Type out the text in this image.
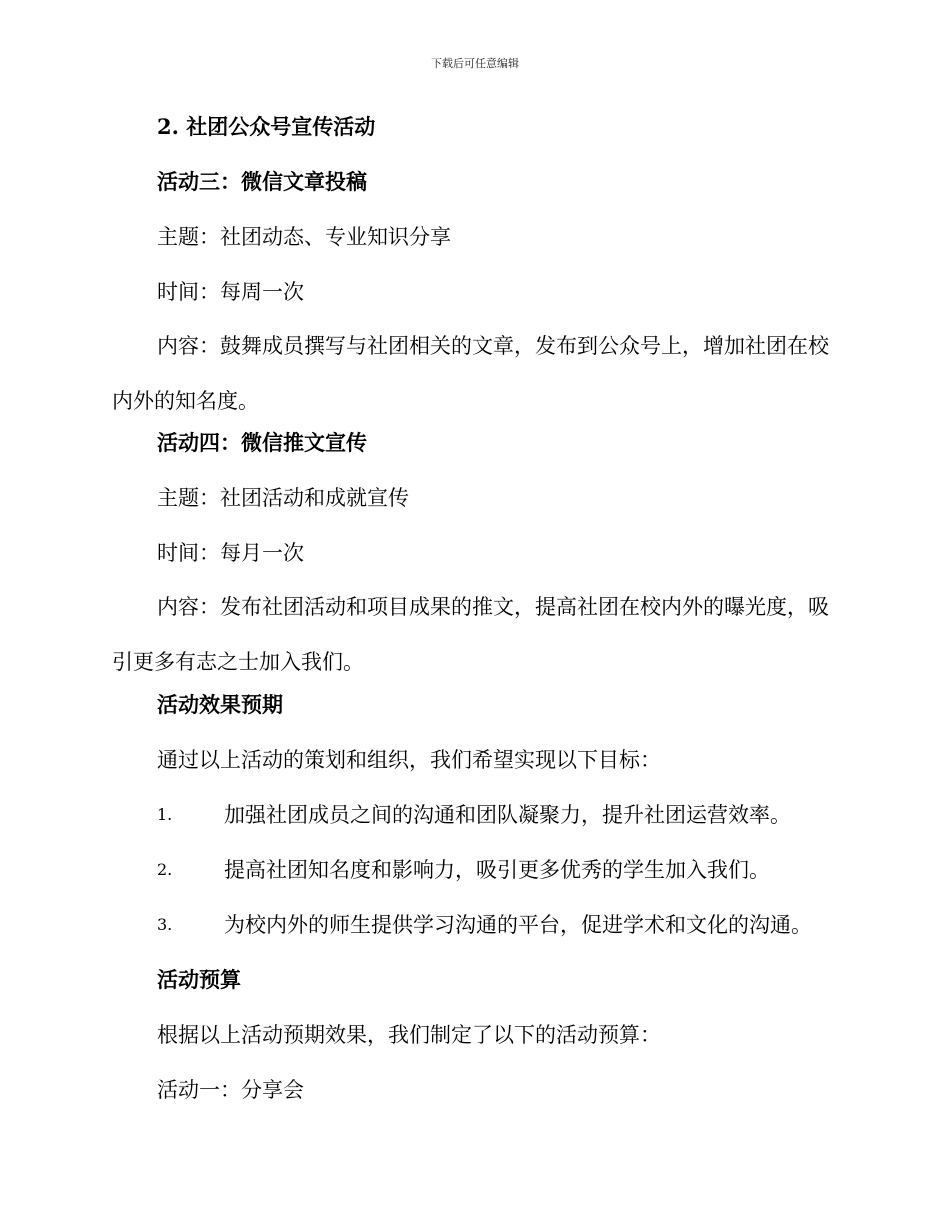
下载后可任意编辑
2. 社团公众号宣传活动
活动三：微信文章投稿
主题：社团动态、专业知识分享
时间：每周一次
内容：鼓舞成员撰写与社团相关的文章，发布到公众号上，增加社团在校内外的知名度。
活动四：微信推文宣传
主题：社团活动和成就宣传
时间：每月一次
内容：发布社团活动和项目成果的推文，提高社团在校内外的曝光度，吸引更多有志之士加入我们。
活动效果预期
通过以上活动的策划和组织，我们希望实现以下目标：
1. 加强社团成员之间的沟通和团队凝聚力，提升社团运营效率。
2. 提高社团知名度和影响力，吸引更多优秀的学生加入我们。
3. 为校内外的师生提供学习沟通的平台，促进学术和文化的沟通。
活动预算
根据以上活动预期效果，我们制定了以下的活动预算：
活动一：分享会
